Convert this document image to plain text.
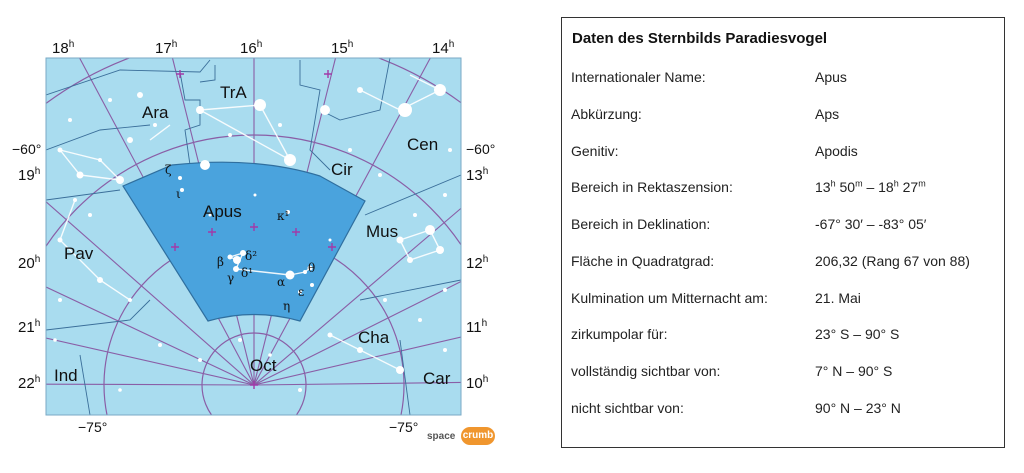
18$^h$	17$^h$	16$^h$	15$^h$	14$^h$
19$^h$
20$^h$
21$^h$
22$^h$
13$^h$
12$^h$
11$^h$
$10^h$
−60°	−60°
−75°	−75°
Ara
TrA
Cen
Cir
Apus
Mus
Pav
Cha
Oct
Ind	Car
ζ
ι
κ¹
β δ²
δ¹
γ	α
θ
ε
η
space crumb
Daten des Sternbilds Paradiesvogel
Internationaler Name:	Apus
Abkürzung:	Aps
Genitiv:	Apodis
Bereich in Rektaszension:	13$^h$ 50$^m$ – 18$^h$ 27$^m$
Bereich in Deklination:	-67° 30′ – -83° 05′
Fläche in Quadratgrad:	206,32 (Rang 67 von 88)
Kulmination um Mitternacht am:	21. Mai
zirkumpolar für:	23° S – 90° S
vollständig sichtbar von:	7° N – 90° S
nicht sichtbar von:	90° N – 23° N
